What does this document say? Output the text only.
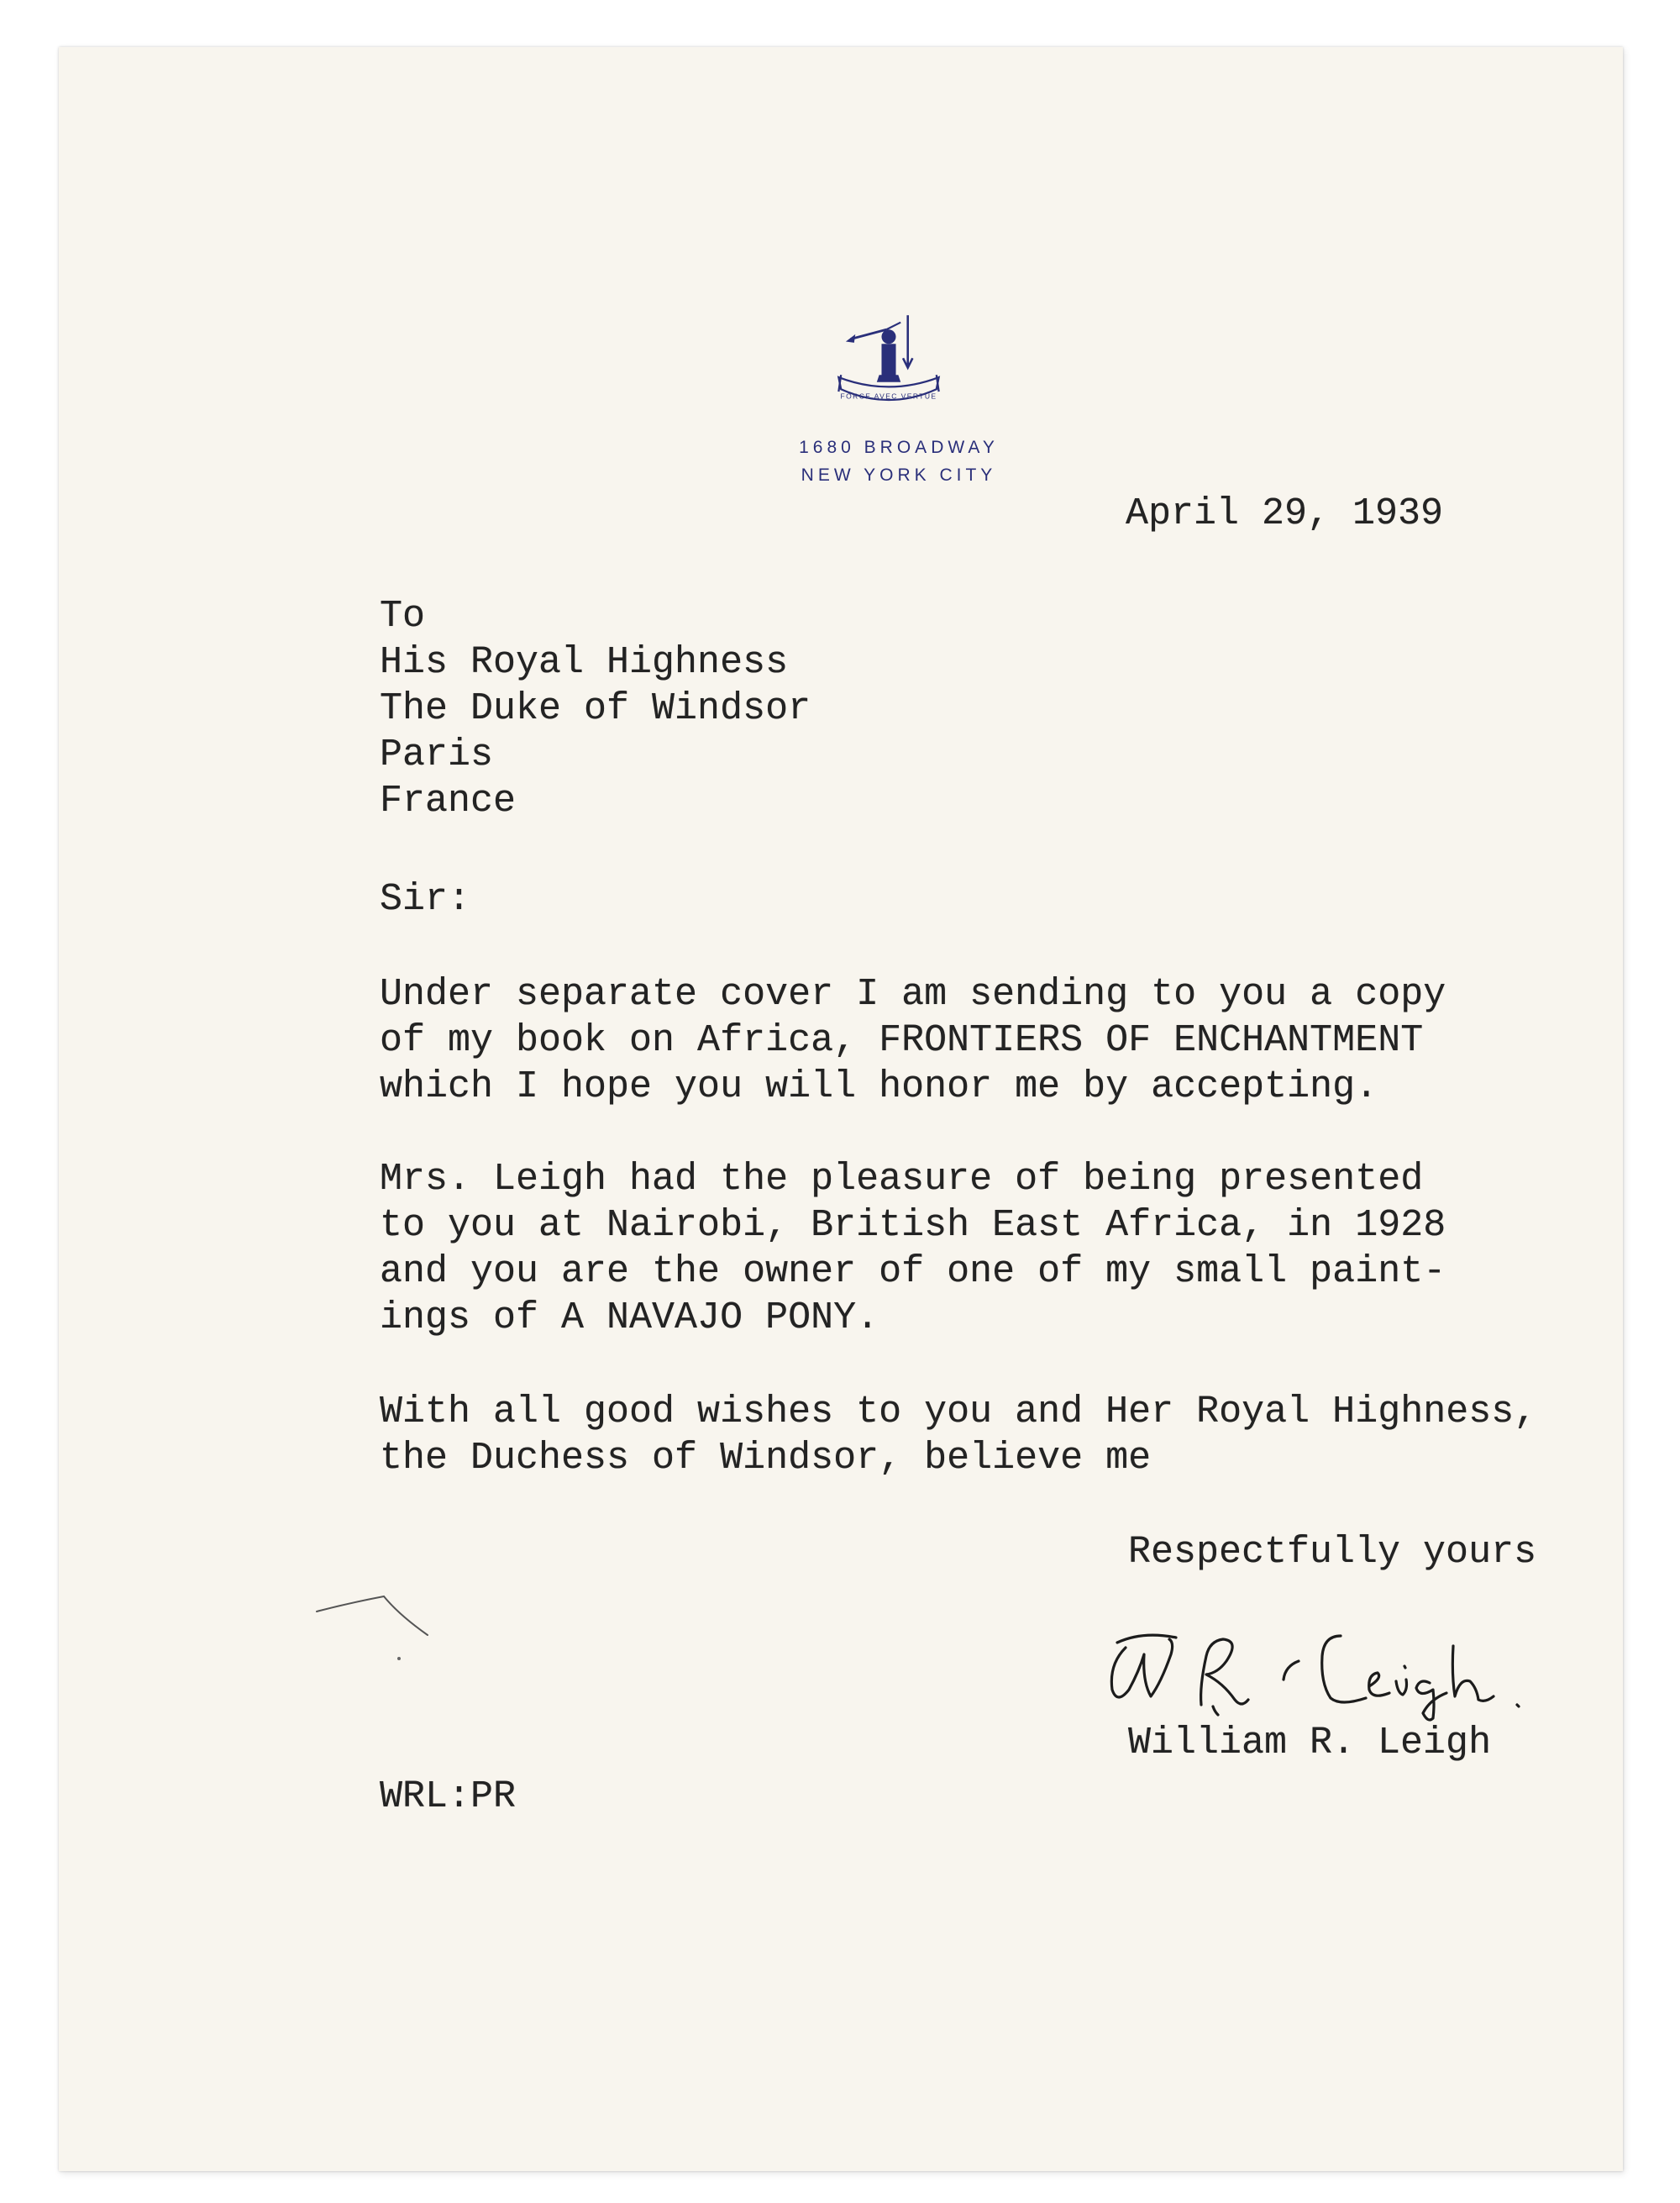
FORCE AVEC VERTUE
1680 BROADWAY
NEW YORK CITY
April 29, 1939
To
His Royal Highness
The Duke of Windsor
Paris
France
Sir:
Under separate cover I am sending to you a copy
of my book on Africa, FRONTIERS OF ENCHANTMENT
which I hope you will honor me by accepting.
Mrs. Leigh had the pleasure of being presented
to you at Nairobi, British East Africa, in 1928
and you are the owner of one of my small paint-
ings of A NAVAJO PONY.
With all good wishes to you and Her Royal Highness,
the Duchess of Windsor, believe me
Respectfully yours
William R. Leigh
WRL:PR
